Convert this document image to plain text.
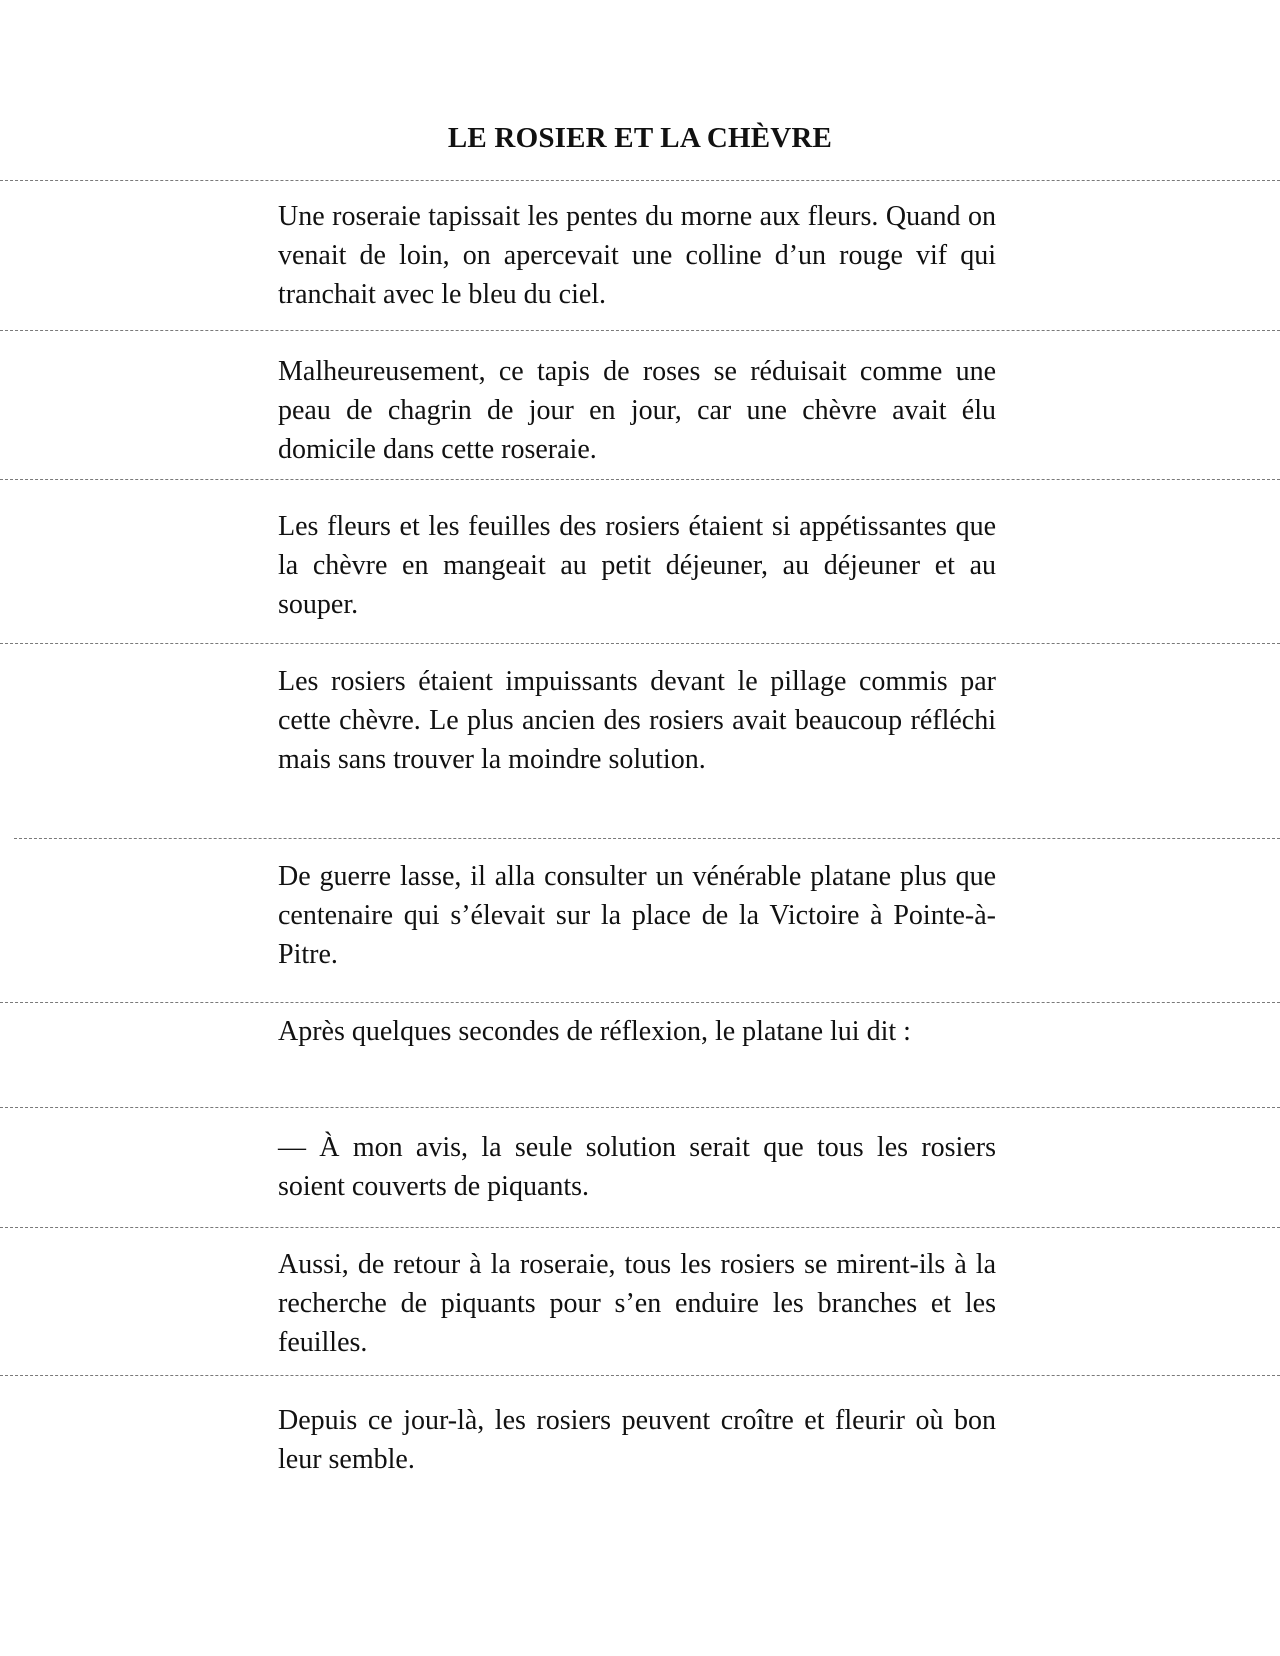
LE ROSIER ET LA CHÈVRE
Une roseraie tapissait les pentes du morne aux fleurs. Quand on venait de loin, on apercevait une colline d’un rouge vif qui tranchait avec le bleu du ciel.
Malheureusement, ce tapis de roses se réduisait comme une peau de chagrin de jour en jour, car une chèvre avait élu domicile dans cette roseraie.
Les fleurs et les feuilles des rosiers étaient si appétissantes que la chèvre en mangeait au petit déjeuner, au déjeuner et au souper.
Les rosiers étaient impuissants devant le pillage commis par cette chèvre. Le plus ancien des rosiers avait beaucoup réfléchi mais sans trouver la moindre solution.
De guerre lasse, il alla consulter un vénérable platane plus que centenaire qui s’élevait sur la place de la Victoire à Pointe-à-Pitre.
Après quelques secondes de réflexion, le platane lui dit :
— À mon avis, la seule solution serait que tous les rosiers soient couverts de piquants.
Aussi, de retour à la roseraie, tous les rosiers se mirent-ils à la recherche de piquants pour s’en enduire les branches et les feuilles.
Depuis ce jour-là, les rosiers peuvent croître et fleurir où bon leur semble.
